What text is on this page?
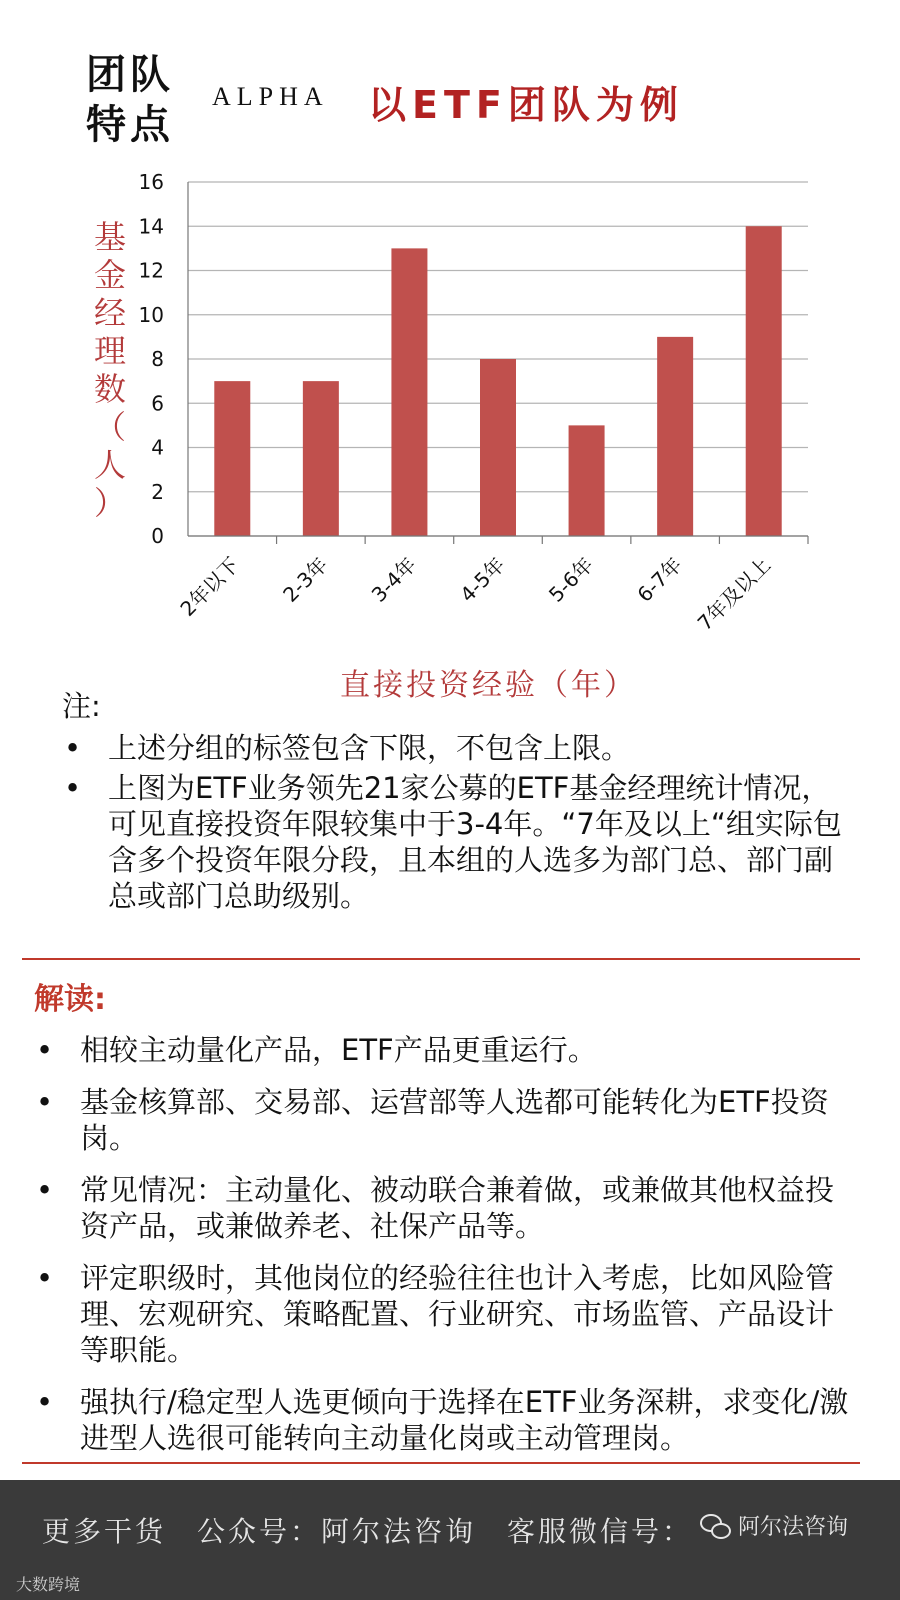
团队
特点
ALPHA 以ETF团队为例
基
金
经
理
数
（
人
）
0
2
4
6
8
10
12
14
16
2年以下 2-3年 3-4年 4-5年 5-6年 6-7年 7年及以上
直接投资经验（年）
注:
• 上述分组的标签包含下限，不包含上限。
• 上图为ETF业务领先21家公募的ETF基金经理统计情况，可见直接投资年限较集中于3-4年。“7年及以上“组实际包含多个投资年限分段，且本组的人选多为部门总、部门副总或部门总助级别。
解读:
• 相较主动量化产品，ETF产品更重运行。
• 基金核算部、交易部、运营部等人选都可能转化为ETF投资岗。
• 常见情况：主动量化、被动联合兼着做，或兼做其他权益投资产品，或兼做养老、社保产品等。
• 评定职级时，其他岗位的经验往往也计入考虑，比如风险管理、宏观研究、策略配置、行业研究、市场监管、产品设计等职能。
• 强执行/稳定型人选更倾向于选择在ETF业务深耕，求变化/激进型人选很可能转向主动量化岗或主动管理岗。
更多干货　公众号：阿尔法咨询　客服微信号： 阿尔法咨询
大数跨境
